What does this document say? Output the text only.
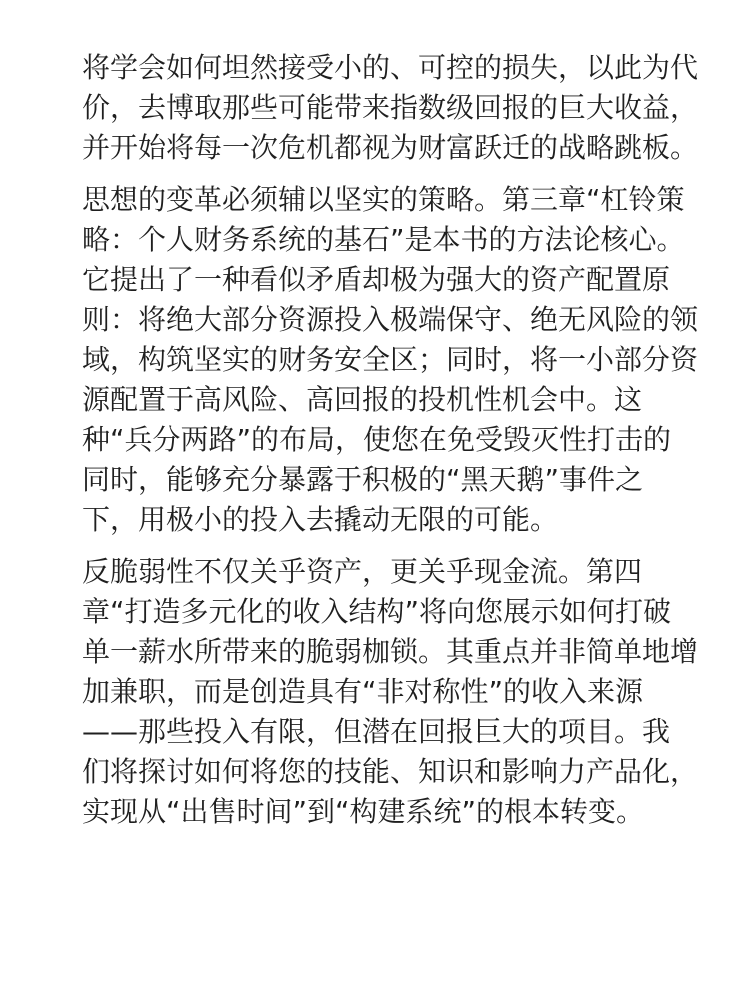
将学会如何坦然接受小的、可控的损失，以此为代
价，去博取那些可能带来指数级回报的巨大收益，
并开始将每一次危机都视为财富跃迁的战略跳板。
思想的变革必须辅以坚实的策略。第三章“杠铃策
略：个人财务系统的基石”是本书的方法论核心。
它提出了一种看似矛盾却极为强大的资产配置原
则：将绝大部分资源投入极端保守、绝无风险的领
域，构筑坚实的财务安全区；同时，将一小部分资
源配置于高风险、高回报的投机性机会中。这
种“兵分两路”的布局，使您在免受毁灭性打击的
同时，能够充分暴露于积极的“黑天鹅”事件之
下，用极小的投入去撬动无限的可能。
反脆弱性不仅关乎资产，更关乎现金流。第四
章“打造多元化的收入结构”将向您展示如何打破
单一薪水所带来的脆弱枷锁。其重点并非简单地增
加兼职，而是创造具有“非对称性”的收入来源
——那些投入有限，但潜在回报巨大的项目。我
们将探讨如何将您的技能、知识和影响力产品化，
实现从“出售时间”到“构建系统”的根本转变。
